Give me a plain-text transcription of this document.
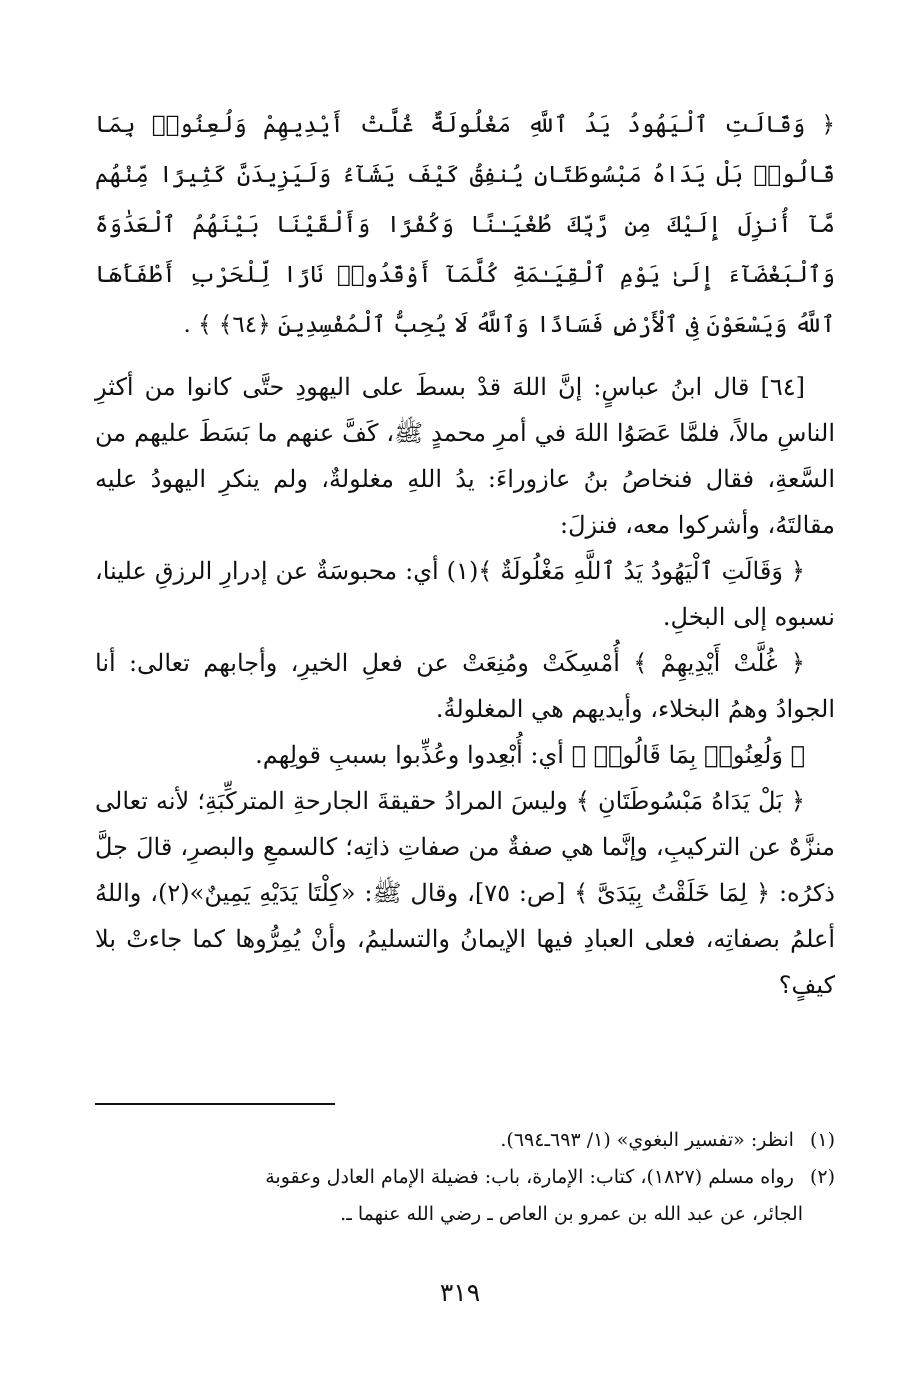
﴿ وَقَالَتِ ٱلْيَهُودُ يَدُ ٱللَّهِ مَغْلُولَةٌ غُلَّتْ أَيْدِيهِمْ وَلُعِنُوا۟ بِمَا قَالُوا۟ بَلْ يَدَاهُ مَبْسُوطَتَانِ يُنفِقُ كَيْفَ يَشَآءُ وَلَيَزِيدَنَّ كَثِيرًا مِّنْهُم مَّآ أُنزِلَ إِلَيْكَ مِن رَّبِّكَ طُغْيَـٰنًا وَكُفْرًا وَأَلْقَيْنَا بَيْنَهُمُ ٱلْعَدَٰوَةَ وَٱلْبَغْضَآءَ إِلَىٰ يَوْمِ ٱلْقِيَـٰمَةِ كُلَّمَآ أَوْقَدُوا۟ نَارًا لِّلْحَرْبِ أَطْفَأَهَا ٱللَّهُ وَيَسْعَوْنَ فِى ٱلْأَرْضِ فَسَادًا وَٱللَّهُ لَا يُحِبُّ ٱلْمُفْسِدِينَ ﴿٦٤﴾ ﴾ .

[٦٤] قال ابنُ عباسٍ: إنَّ اللهَ قدْ بسطَ على اليهودِ حتَّى كانوا من أكثرِ الناسِ مالاً، فلمَّا عَصَوُا اللهَ في أمرِ محمدٍ ﷺ، كَفَّ عنهم ما بَسَطَ عليهم من السَّعةِ، فقال فنخاصُ بنُ عازوراءَ: يدُ اللهِ مغلولةٌ، ولم ينكرِ اليهودُ عليه مقالتَهُ، وأشركوا معه، فنزلَ:

﴿ وَقَالَتِ ٱلْيَهُودُ يَدُ ٱللَّهِ مَغْلُولَةٌ ﴾(١) أي: محبوسَةٌ عن إدرارِ الرزقِ علينا، نسبوه إلى البخلِ.

﴿ غُلَّتْ أَيْدِيهِمْ ﴾ أُمْسِكَتْ ومُنِعَتْ عن فعلِ الخيرِ، وأجابهم تعالى: أنا الجوادُ وهمُ البخلاء، وأيديهم هي المغلولةُ.

﴿ وَلُعِنُوا۟ بِمَا قَالُوا۟ ﴾ أي: أُبْعِدوا وعُذِّبوا بسببِ قولِهم.

﴿ بَلْ يَدَاهُ مَبْسُوطَتَانِ ﴾ وليسَ المرادُ حقيقةَ الجارحةِ المتركِّبَةِ؛ لأنه تعالى منزَّهٌ عن التركيبِ، وإنَّما هي صفةٌ من صفاتِ ذاتِه؛ كالسمعِ والبصرِ، قالَ جلَّ ذكرُه: ﴿ لِمَا خَلَقْتُ بِيَدَىَّ ﴾ [ص: ٧٥]، وقال ﷺ: «كِلْتَا يَدَيْهِ يَمِينٌ»(٢)، واللهُ أعلمُ بصفاتِه، فعلى العبادِ فيها الإيمانُ والتسليمُ، وأنْ يُمِرُّوها كما جاءتْ بلا كيفٍ؟

(١) انظر: «تفسير البغوي» (١/ ٦٩٣ـ٦٩٤).

(٢) رواه مسلم (١٨٢٧)، كتاب: الإمارة، باب: فضيلة الإمام العادل وعقوبة

الجائر، عن عبد الله بن عمرو بن العاص ـ رضي الله عنهما ـ.

٣١٩
